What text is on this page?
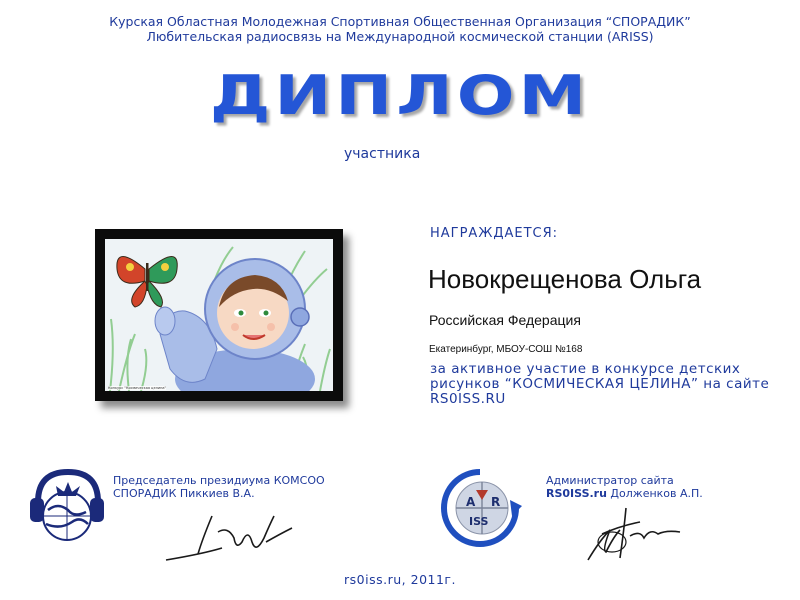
Курская Областная Молодежная Спортивная Общественная Организация “СПОРАДИК”
Любительская радиосвязь на Международной космической станции (ARISS)
ДИПЛОМ
участника
Конкурс "Космическая целина"
НАГРАЖДАЕТСЯ:
Новокрещенова Ольга
Российская Федерация
Екатеринбург, МБОУ-СОШ №168
за активное участие в конкурсе детских рисунков “КОСМИЧЕСКАЯ ЦЕЛИНА” на сайте RS0ISS.RU
Председатель президиума КОМСОО
СПОРАДИК Пиккиев В.А.
A R
ISS
Администратор сайта
RS0ISS.ru Долженков А.П.
rs0iss.ru, 2011г.
